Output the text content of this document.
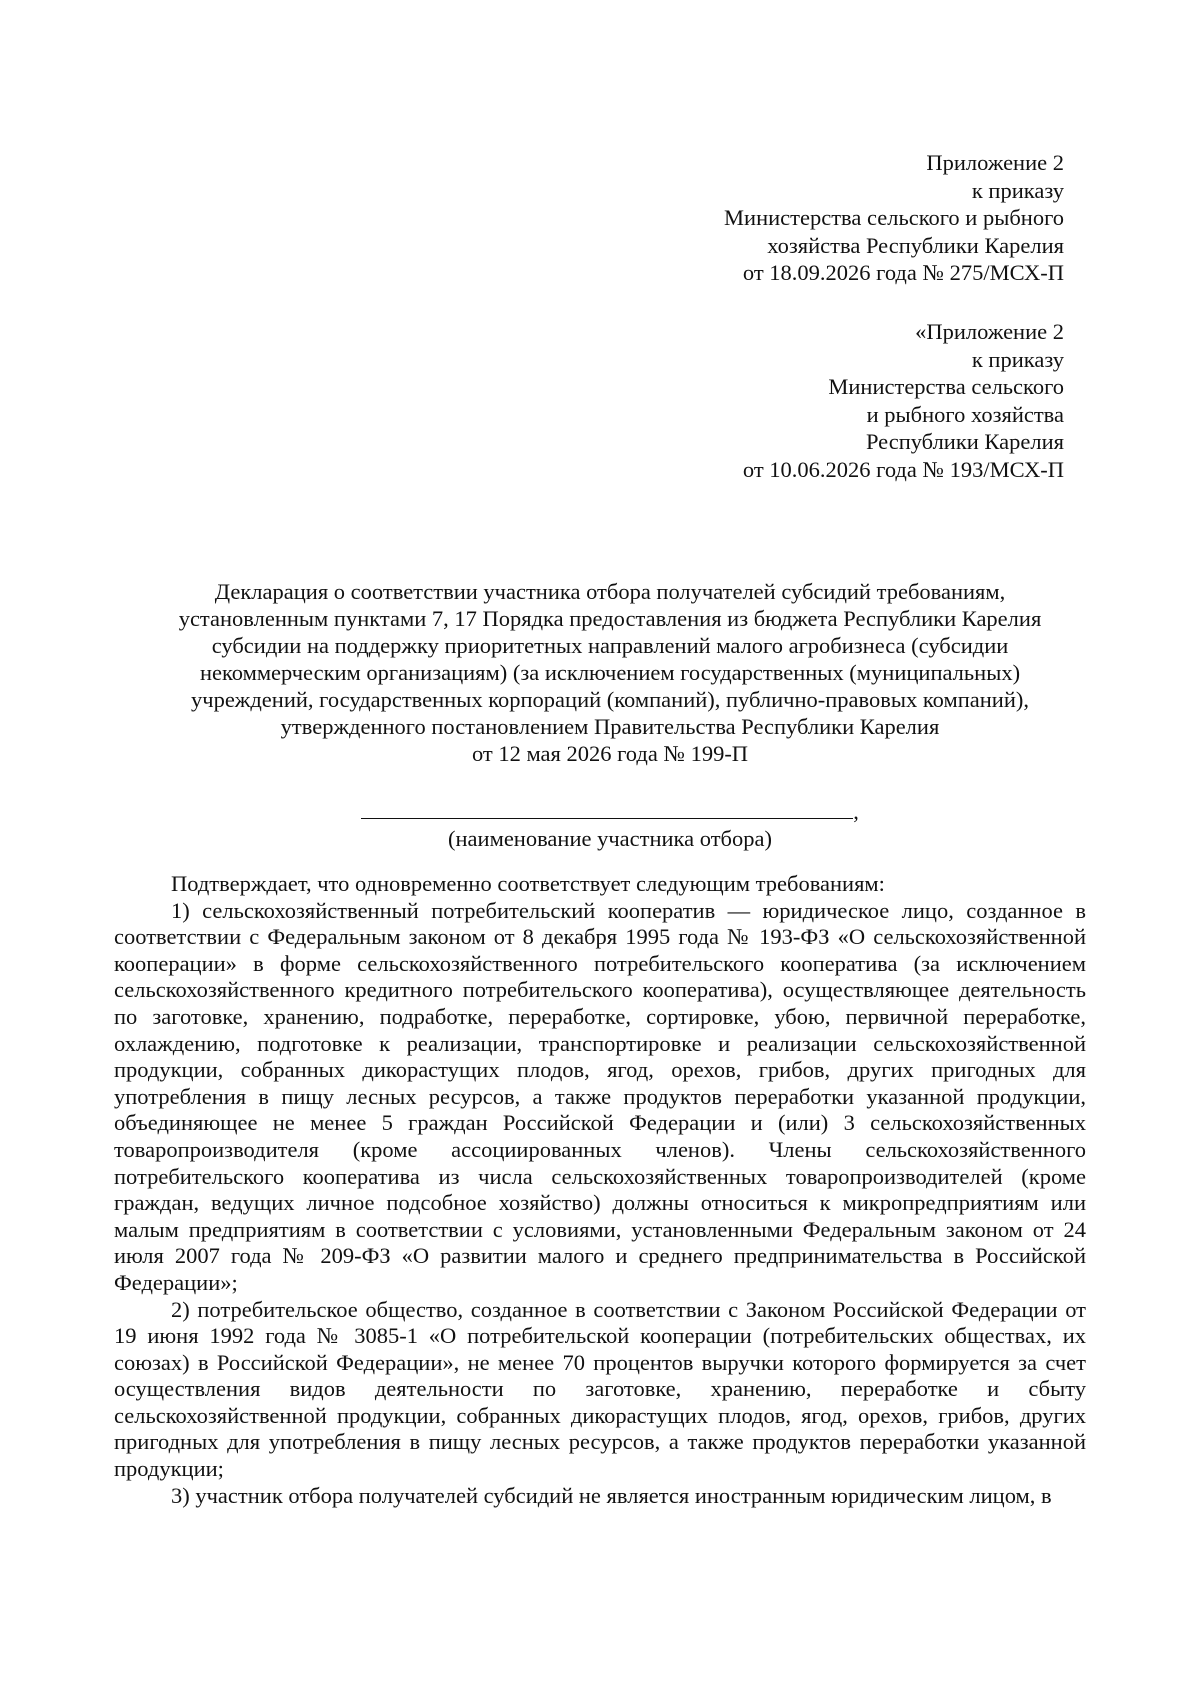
Приложение 2
к приказу
Министерства сельского и рыбного
хозяйства Республики Карелия
от 18.09.2026 года № 275/МСХ-П
«Приложение 2
к приказу
Министерства сельского
и рыбного хозяйства
Республики Карелия
от 10.06.2026 года № 193/МСХ-П
Декларация о соответствии участника отбора получателей субсидий требованиям,
установленным пунктами 7, 17 Порядка предоставления из бюджета Республики Карелия
субсидии на поддержку приоритетных направлений малого агробизнеса (субсидии
некоммерческим организациям) (за исключением государственных (муниципальных)
учреждений, государственных корпораций (компаний), публично-правовых компаний),
утвержденного постановлением Правительства Республики Карелия
от 12 мая 2026 года № 199-П
,
(наименование участника отбора)

Подтверждает, что одновременно соответствует следующим требованиям:

1) сельскохозяйственный потребительский кооператив — юридическое лицо, созданное в соответствии с Федеральным законом от 8 декабря 1995 года № 193-ФЗ «О сельскохозяйственной кооперации» в форме сельскохозяйственного потребительского кооператива (за исключением сельскохозяйственного кредитного потребительского кооператива), осуществляющее деятельность по заготовке, хранению, подработке, переработке, сортировке, убою, первичной переработке, охлаждению, подготовке к реализации, транспортировке и реализации сельскохозяйственной продукции, собранных дикорастущих плодов, ягод, орехов, грибов, других пригодных для употребления в пищу лесных ресурсов, а также продуктов переработки указанной продукции, объединяющее не менее 5 граждан Российской Федерации и (или) 3 сельскохозяйственных товаропроизводителя (кроме ассоциированных членов). Члены сельскохозяйственного потребительского кооператива из числа сельскохозяйственных товаропроизводителей (кроме граждан, ведущих личное подсобное хозяйство) должны относиться к микропредприятиям или малым предприятиям в соответствии с условиями, установленными Федеральным законом от 24 июля 2007 года № 209-ФЗ «О развитии малого и среднего предпринимательства в Российской Федерации»;

2) потребительское общество, созданное в соответствии с Законом Российской Федерации от 19 июня 1992 года № 3085-1 «О потребительской кооперации (потребительских обществах, их союзах) в Российской Федерации», не менее 70 процентов выручки которого формируется за счет осуществления видов деятельности по заготовке, хранению, переработке и сбыту сельскохозяйственной продукции, собранных дикорастущих плодов, ягод, орехов, грибов, других пригодных для употребления в пищу лесных ресурсов, а также продуктов переработки указанной продукции;

3) участник отбора получателей субсидий не является иностранным юридическим лицом, в
